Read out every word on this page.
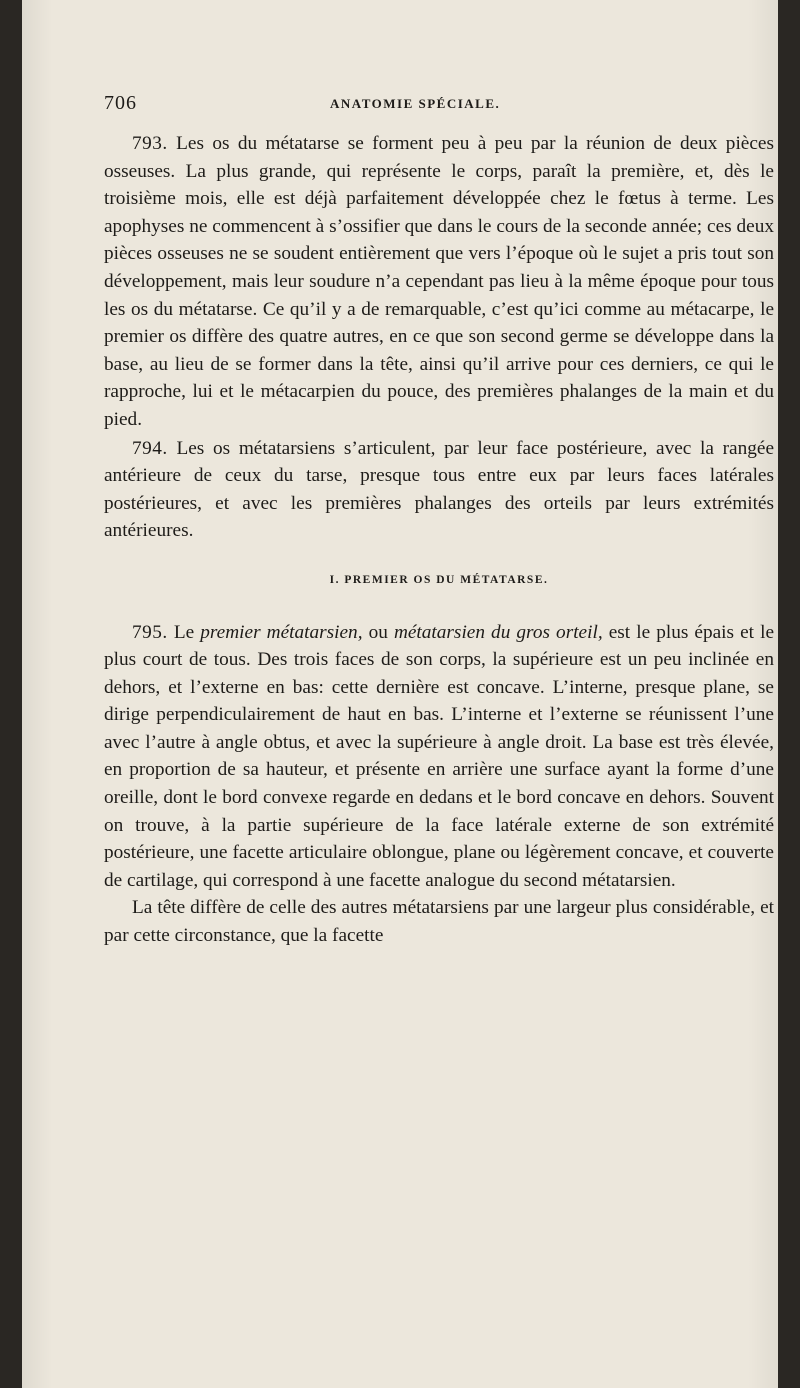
706	ANATOMIE SPÉCIALE.

793. Les os du métatarse se forment peu à peu par la réunion de deux pièces osseuses. La plus grande, qui représente le corps, paraît la première, et, dès le troisième mois, elle est déjà parfaitement développée chez le fœtus à terme. Les apophyses ne commencent à s’ossifier que dans le cours de la seconde année; ces deux pièces osseuses ne se soudent entièrement que vers l’époque où le sujet a pris tout son développement, mais leur soudure n’a cependant pas lieu à la même époque pour tous les os du métatarse. Ce qu’il y a de remarquable, c’est qu’ici comme au métacarpe, le premier os diffère des quatre autres, en ce que son second germe se développe dans la base, au lieu de se former dans la tête, ainsi qu’il arrive pour ces derniers, ce qui le rapproche, lui et le métacarpien du pouce, des premières phalanges de la main et du pied.

794. Les os métatarsiens s’articulent, par leur face postérieure, avec la rangée antérieure de ceux du tarse, presque tous entre eux par leurs faces latérales postérieures, et avec les premières phalanges des orteils par leurs extrémités antérieures.

I. PREMIER OS DU MÉTATARSE.

795. Le premier métatarsien, ou métatarsien du gros orteil, est le plus épais et le plus court de tous. Des trois faces de son corps, la supérieure est un peu inclinée en dehors, et l’externe en bas: cette dernière est concave. L’interne, presque plane, se dirige perpendiculairement de haut en bas. L’interne et l’externe se réunissent l’une avec l’autre à angle obtus, et avec la supérieure à angle droit. La base est très élevée, en proportion de sa hauteur, et présente en arrière une surface ayant la forme d’une oreille, dont le bord convexe regarde en dedans et le bord concave en dehors. Souvent on trouve, à la partie supérieure de la face latérale externe de son extrémité postérieure, une facette articulaire oblongue, plane ou légèrement concave, et couverte de cartilage, qui correspond à une facette analogue du second métatarsien.

La tête diffère de celle des autres métatarsiens par une largeur plus considérable, et par cette circonstance, que la facette
